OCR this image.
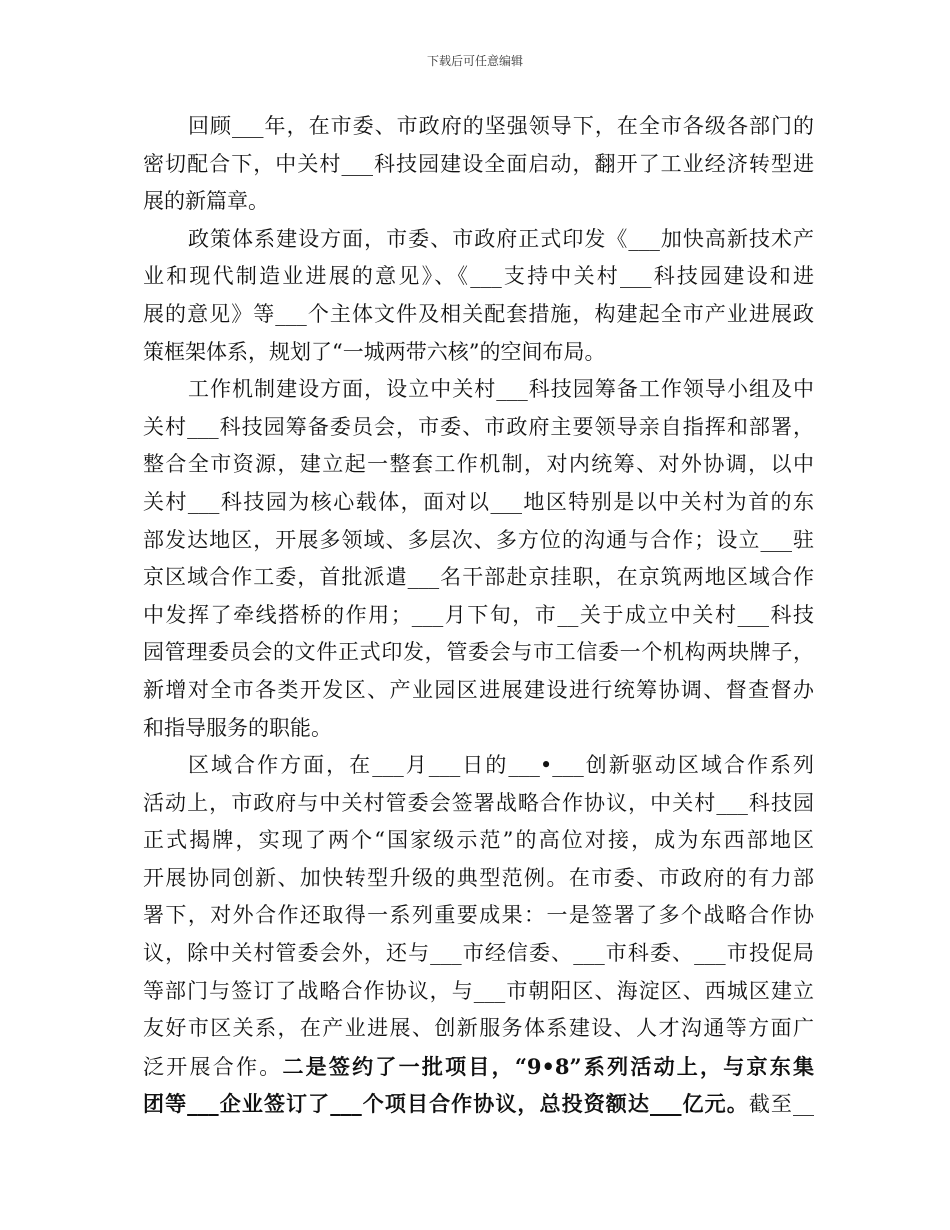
下载后可任意编辑
回顾___年，在市委、市政府的坚强领导下，在全市各级各部门的
密切配合下，中关村___科技园建设全面启动，翻开了工业经济转型进
展的新篇章。
政策体系建设方面，市委、市政府正式印发《___加快高新技术产
业和现代制造业进展的意见》、《___支持中关村___科技园建设和进
展的意见》等___个主体文件及相关配套措施，构建起全市产业进展政
策框架体系，规划了“一城两带六核”的空间布局。
工作机制建设方面，设立中关村___科技园筹备工作领导小组及中
关村___科技园筹备委员会，市委、市政府主要领导亲自指挥和部署，
整合全市资源，建立起一整套工作机制，对内统筹、对外协调，以中
关村___科技园为核心载体，面对以___地区特别是以中关村为首的东
部发达地区，开展多领域、多层次、多方位的沟通与合作；设立___驻
京区域合作工委，首批派遣___名干部赴京挂职，在京筑两地区域合作
中发挥了牵线搭桥的作用；___月下旬，市__关于成立中关村___科技
园管理委员会的文件正式印发，管委会与市工信委一个机构两块牌子，
新增对全市各类开发区、产业园区进展建设进行统筹协调、督查督办
和指导服务的职能。
区域合作方面，在___月___日的___•___创新驱动区域合作系列
活动上，市政府与中关村管委会签署战略合作协议，中关村___科技园
正式揭牌，实现了两个“国家级示范”的高位对接，成为东西部地区
开展协同创新、加快转型升级的典型范例。在市委、市政府的有力部
署下，对外合作还取得一系列重要成果：一是签署了多个战略合作协
议，除中关村管委会外，还与___市经信委、___市科委、___市投促局
等部门与签订了战略合作协议，与___市朝阳区、海淀区、西城区建立
友好市区关系，在产业进展、创新服务体系建设、人才沟通等方面广
泛开展合作。二是签约了一批项目，“9•8”系列活动上，与京东集
团等___企业签订了___个项目合作协议，总投资额达___亿元。截至__
